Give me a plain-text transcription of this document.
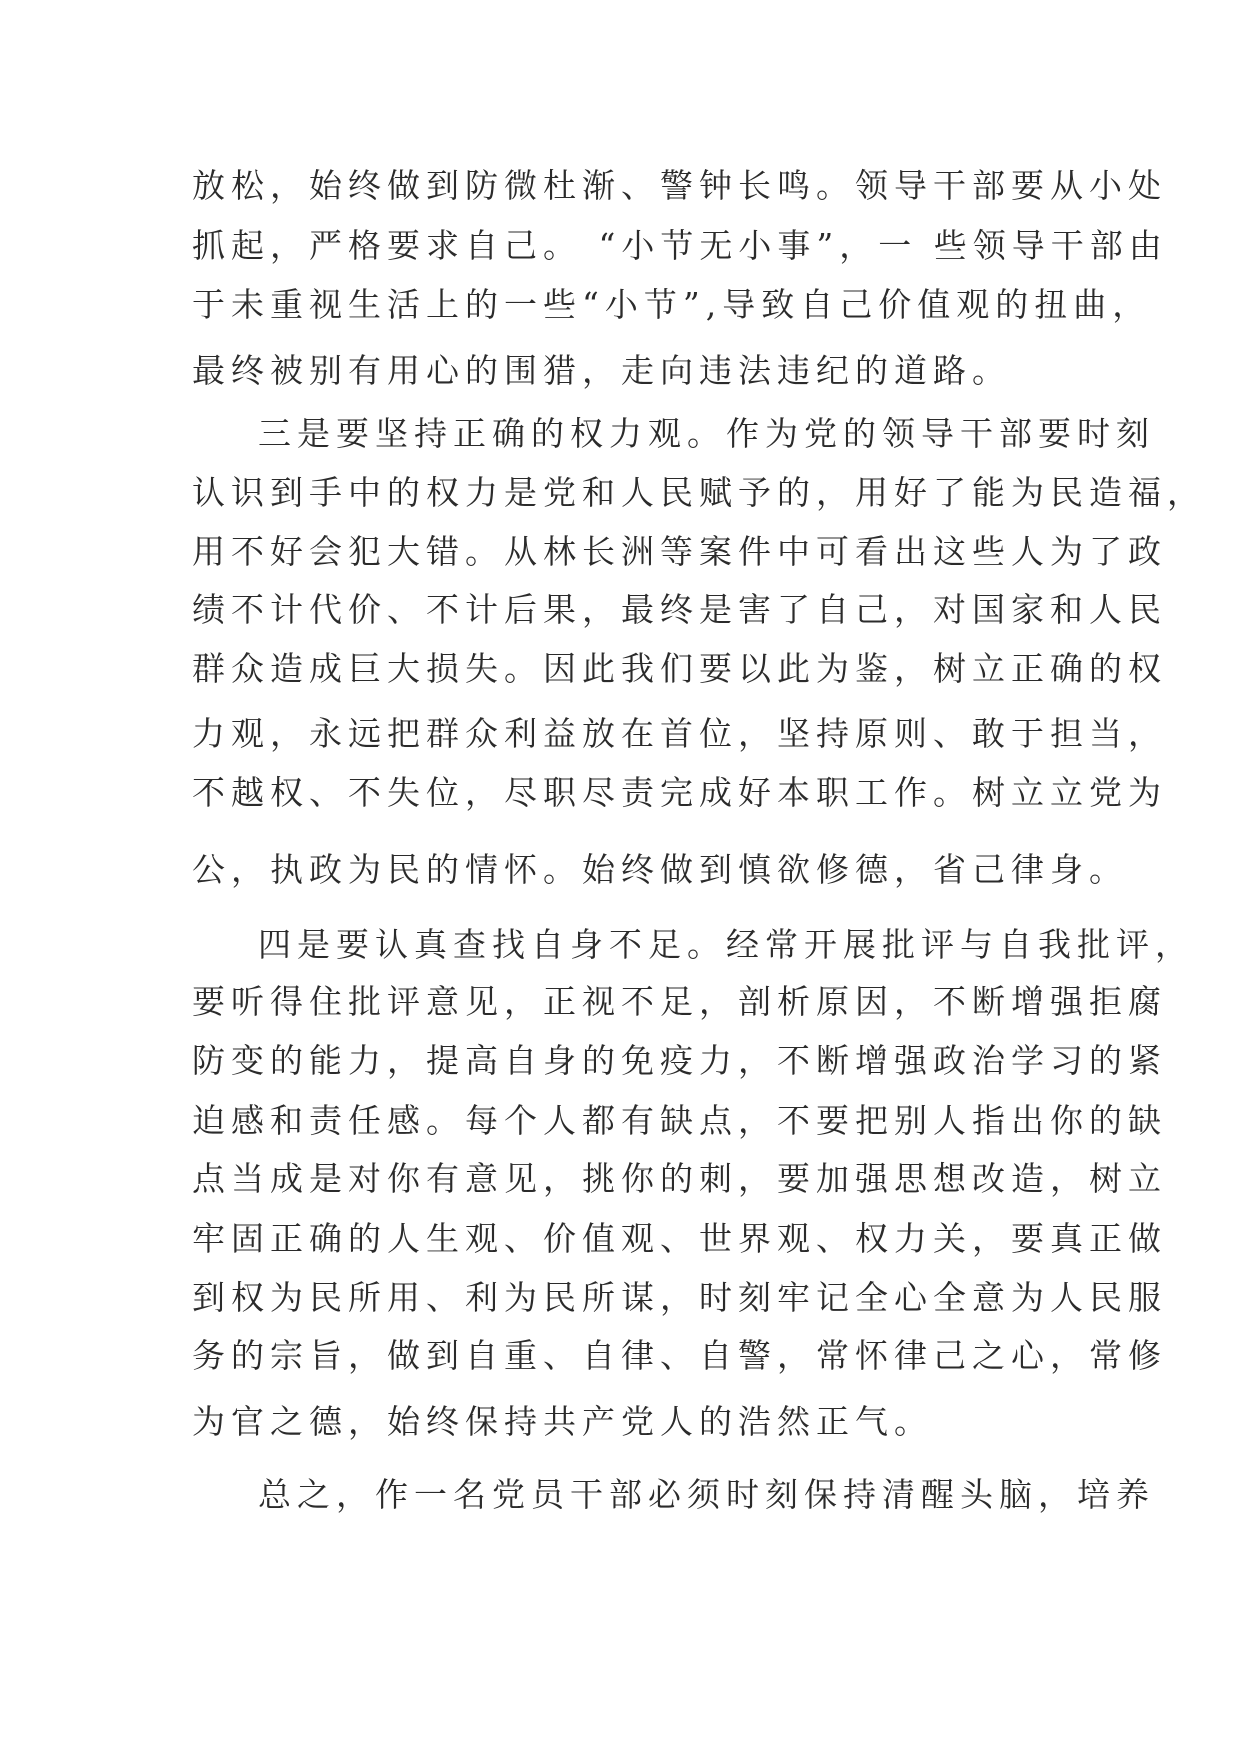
放松，始终做到防微杜渐、警钟长鸣。领导干部要从小处
抓起，严格要求自己。 “小节无小事”，一 些领导干部由
于未重视生活上的一些“小节”,导致自己价值观的扭曲，
最终被别有用心的围猎，走向违法违纪的道路。
三是要坚持正确的权力观。作为党的领导干部要时刻
认识到手中的权力是党和人民赋予的，用好了能为民造福，
用不好会犯大错。从林长洲等案件中可看出这些人为了政
绩不计代价、不计后果，最终是害了自己，对国家和人民
群众造成巨大损失。因此我们要以此为鉴，树立正确的权
力观，永远把群众利益放在首位，坚持原则、敢于担当，
不越权、不失位，尽职尽责完成好本职工作。树立立党为
公，执政为民的情怀。始终做到慎欲修德，省己律身。
四是要认真查找自身不足。经常开展批评与自我批评，
要听得住批评意见，正视不足，剖析原因，不断增强拒腐
防变的能力，提高自身的免疫力，不断增强政治学习的紧
迫感和责任感。每个人都有缺点，不要把别人指出你的缺
点当成是对你有意见，挑你的刺，要加强思想改造，树立
牢固正确的人生观、价值观、世界观、权力关，要真正做
到权为民所用、利为民所谋，时刻牢记全心全意为人民服
务的宗旨，做到自重、自律、自警，常怀律己之心，常修
为官之德，始终保持共产党人的浩然正气。
总之，作一名党员干部必须时刻保持清醒头脑，培养
